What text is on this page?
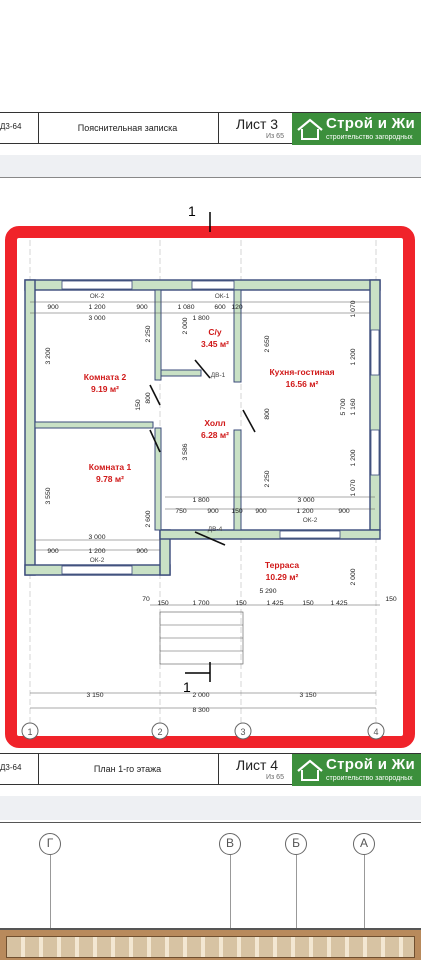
Д3-64	Пояснительная записка	Лист 3
Из 65
Строй и Жи
строительство загородных
1
Комната 2
9.19 м²
С/у
3.45 м²
Кухня-гостиная
16.56 м²
Холл
6.28 м²
Комната 1
9.78 м²
Терраса
10.29 м²
ОК-2	ОК-1
ОК-2
ОК-2
ДВ-1
ДВ-4
900	1 200	900	1 080	600 120
3 000	1 800
1 800	3 000
750	900 150 900	1 200	900
3 000
900	1 200	900
70
150	1 700	150	1 425	150 1 425
150
5 290
3 150	2 000	3 150
8 300
3 200
3 550
2 250
150
800
2 600
2 000
3 586
2 650
800
2 250
1 070
1 200
5 700 1 160
1 200
1 070
2 000
1
1	2	3	4
Д3-64	План 1-го этажа	Лист 4
Из 65
Строй и Жи
строительство загородных
Г	В	Б	А
